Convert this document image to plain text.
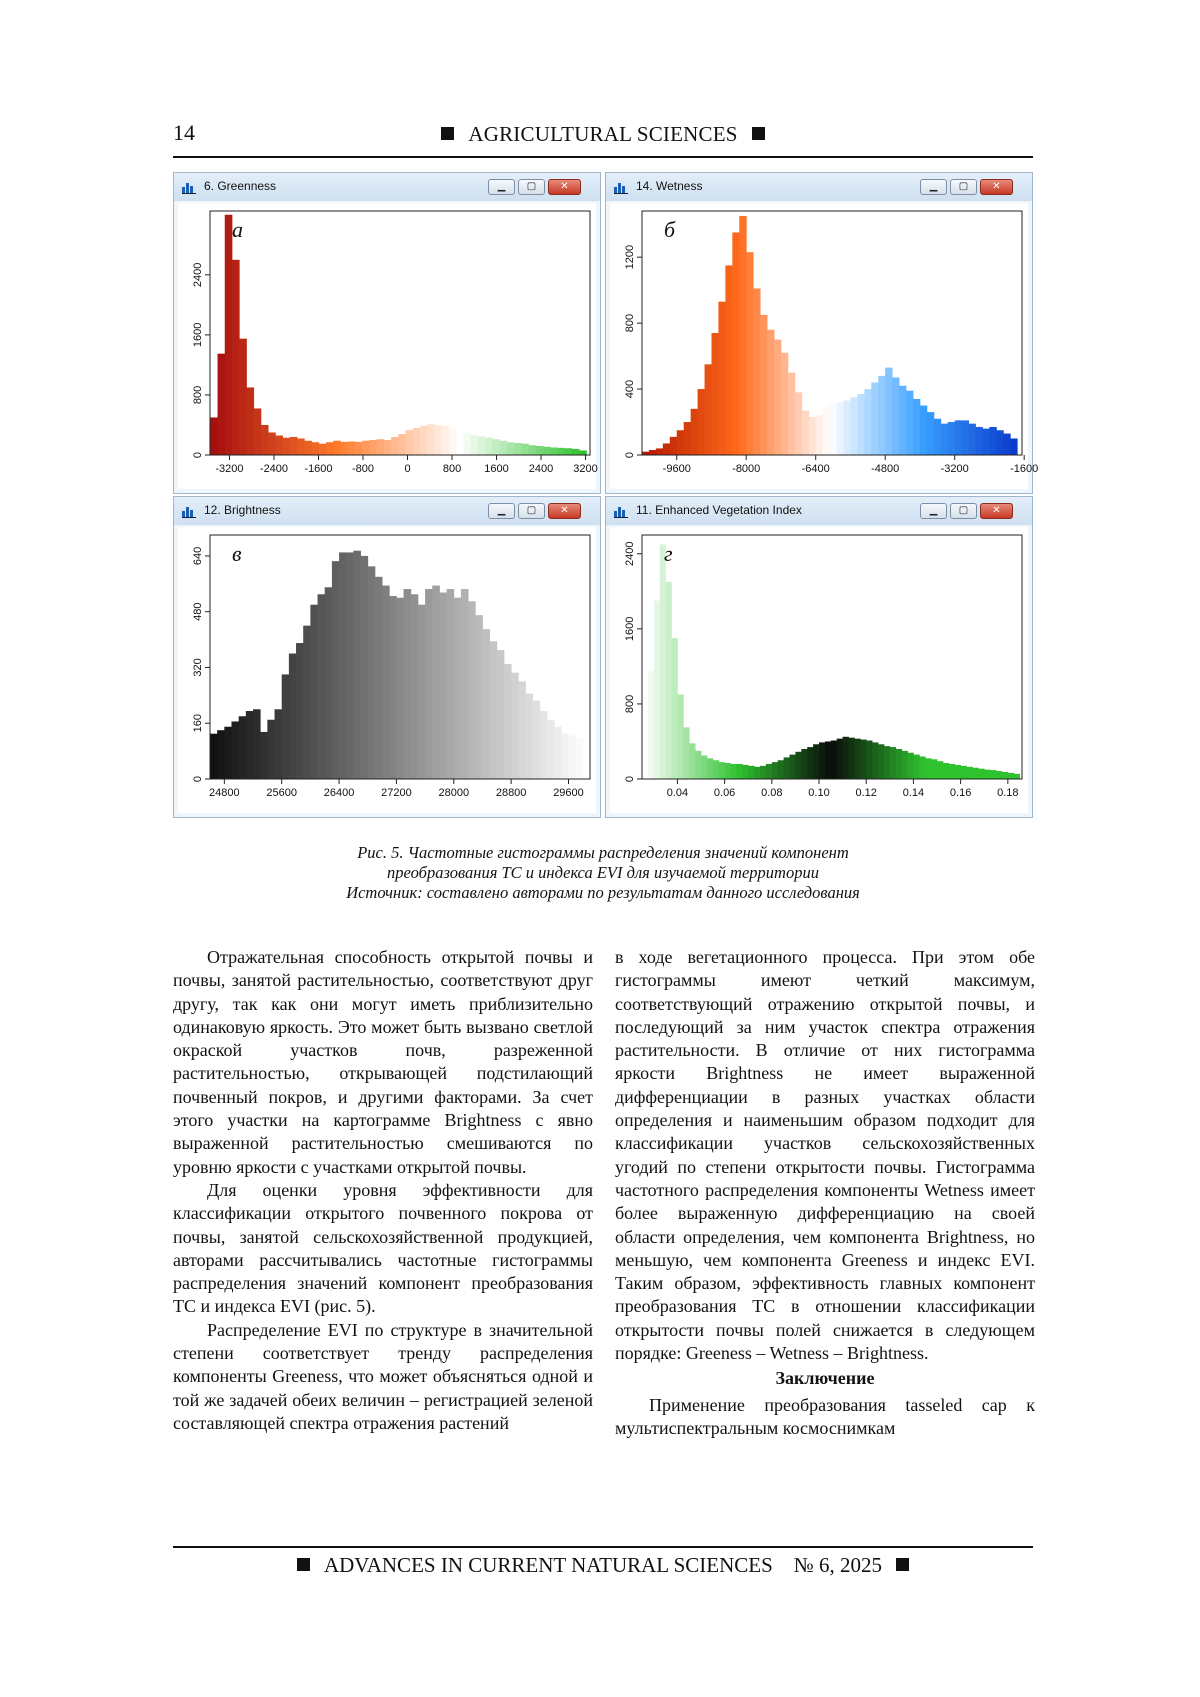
14	AGRICULTURAL SCIENCES
6. Greenness	▁	▢	✕
-3200 -2400 -1600 -800	0	800 1600 2400 3200
0
800
1600
2400
а
14. Wetness	▁	▢	✕
-9600	-8000	-6400	-4800	-3200	-1600
0
400
800
1200
б
12. Brightness	▁	▢	✕
24800 25600 26400 27200 28000 28800 29600
0
160
320
480
640 в
11. Enhanced Vegetation Index	▁	▢	✕
0.04 0.06 0.08 0.10 0.12 0.14 0.16 0.18
0
800
1600
2400 г
Рис. 5. Частотные гистограммы распределения значений компонент
преобразования ТС и индекса EVI для изучаемой территории
Источник: составлено авторами по результатам данного исследования

Отражательная способность открытой почвы и почвы, занятой растительностью, соответствуют друг другу, так как они могут иметь приблизительно одинаковую яркость. Это может быть вызвано светлой окраской участков почв, разреженной растительностью, открывающей подстилающий почвенный покров, и другими факторами. За счет этого участки на картограмме Brightness с явно выраженной растительностью смешиваются по уровню яркости с участками открытой почвы.

Для оценки уровня эффективности для классификации открытого почвенного покрова от почвы, занятой сельскохозяйственной продукцией, авторами рассчитывались частотные гистограммы распределения значений компонент преобразования ТС и индекса EVI (рис. 5).

Распределение EVI по структуре в значительной степени соответствует тренду распределения компоненты Greeness, что может объясняться одной и той же задачей обеих величин – регистрацией зеленой составляющей спектра отражения растений

в ходе вегетационного процесса. При этом обе гистограммы имеют четкий максимум, соответствующий отражению открытой почвы, и последующий за ним участок спектра отражения растительности. В отличие от них гистограмма яркости Brightness не имеет выраженной дифференциации в разных участках области определения и наименьшим образом подходит для классификации участков сельскохозяйственных угодий по степени открытости почвы. Гистограмма частотного распределения компоненты Wetness имеет более выраженную дифференциацию на своей области определения, чем компонента Brightness, но меньшую, чем компонента Greeness и индекс EVI. Таким образом, эффективность главных компонент преобразования ТС в отношении классификации открытости почвы полей снижается в следующем порядке: Greeness – Wetness – Brightness.

Заключение

Применение преобразования tasseled cap к мультиспектральным космоснимкам

ADVANCES IN CURRENT NATURAL SCIENCES № 6, 2025
